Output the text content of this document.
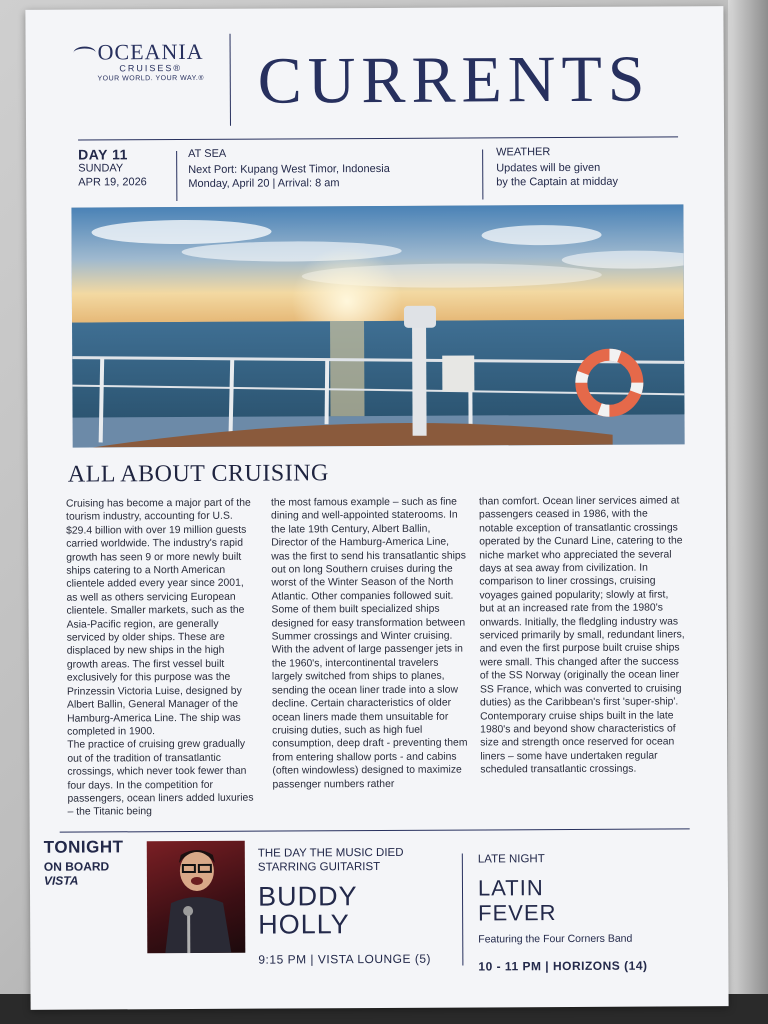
OCEANIA
CRUISES®
YOUR WORLD. YOUR WAY.® CURRENTS
DAY 11
SUNDAY
APR 19, 2026
AT SEA
Next Port: Kupang West Timor, Indonesia
Monday, April 20 | Arrival: 8 am
WEATHER
Updates will be given
by the Captain at midday
ALL ABOUT CRUISING

Cruising has become a major part of the tourism industry, accounting for U.S. $29.4 billion with over 19 million guests carried worldwide. The industry's rapid growth has seen 9 or more newly built ships catering to a North American clientele added every year since 2001, as well as others servicing European clientele. Smaller markets, such as the Asia-Pacific region, are generally serviced by older ships. These are displaced by new ships in the high growth areas. The first vessel built exclusively for this purpose was the Prinzessin Victoria Luise, designed by Albert Ballin, General Manager of the Hamburg-America Line. The ship was completed in 1900.

The practice of cruising grew gradually out of the tradition of transatlantic crossings, which never took fewer than four days. In the competition for passengers, ocean liners added luxuries – the Titanic being

the most famous example – such as fine dining and well-appointed staterooms. In the late 19th Century, Albert Ballin, Director of the Hamburg-America Line, was the first to send his transatlantic ships out on long Southern cruises during the worst of the Winter Season of the North Atlantic. Other companies followed suit. Some of them built specialized ships designed for easy transformation between Summer crossings and Winter cruising. With the advent of large passenger jets in the 1960's, intercontinental travelers largely switched from ships to planes, sending the ocean liner trade into a slow decline. Certain characteristics of older ocean liners made them unsuitable for cruising duties, such as high fuel consumption, deep draft - preventing them from entering shallow ports - and cabins (often windowless) designed to maximize passenger numbers rather

than comfort. Ocean liner services aimed at passengers ceased in 1986, with the notable exception of transatlantic crossings operated by the Cunard Line, catering to the niche market who appreciated the several days at sea away from civilization. In comparison to liner crossings, cruising voyages gained popularity; slowly at first, but at an increased rate from the 1980's onwards. Initially, the fledgling industry was serviced primarily by small, redundant liners, and even the first purpose built cruise ships were small. This changed after the success of the SS Norway (originally the ocean liner SS France, which was converted to cruising duties) as the Caribbean's first 'super-ship'. Contemporary cruise ships built in the late 1980's and beyond show characteristics of size and strength once reserved for ocean liners – some have undertaken regular scheduled transatlantic crossings.

TONIGHT
ON BOARD
VISTA
THE DAY THE MUSIC DIED
STARRING GUITARIST
BUDDY
HOLLY
9:15 PM | VISTA LOUNGE (5)
LATE NIGHT
LATIN
FEVER
Featuring the Four Corners Band
10 - 11 PM | HORIZONS (14)
